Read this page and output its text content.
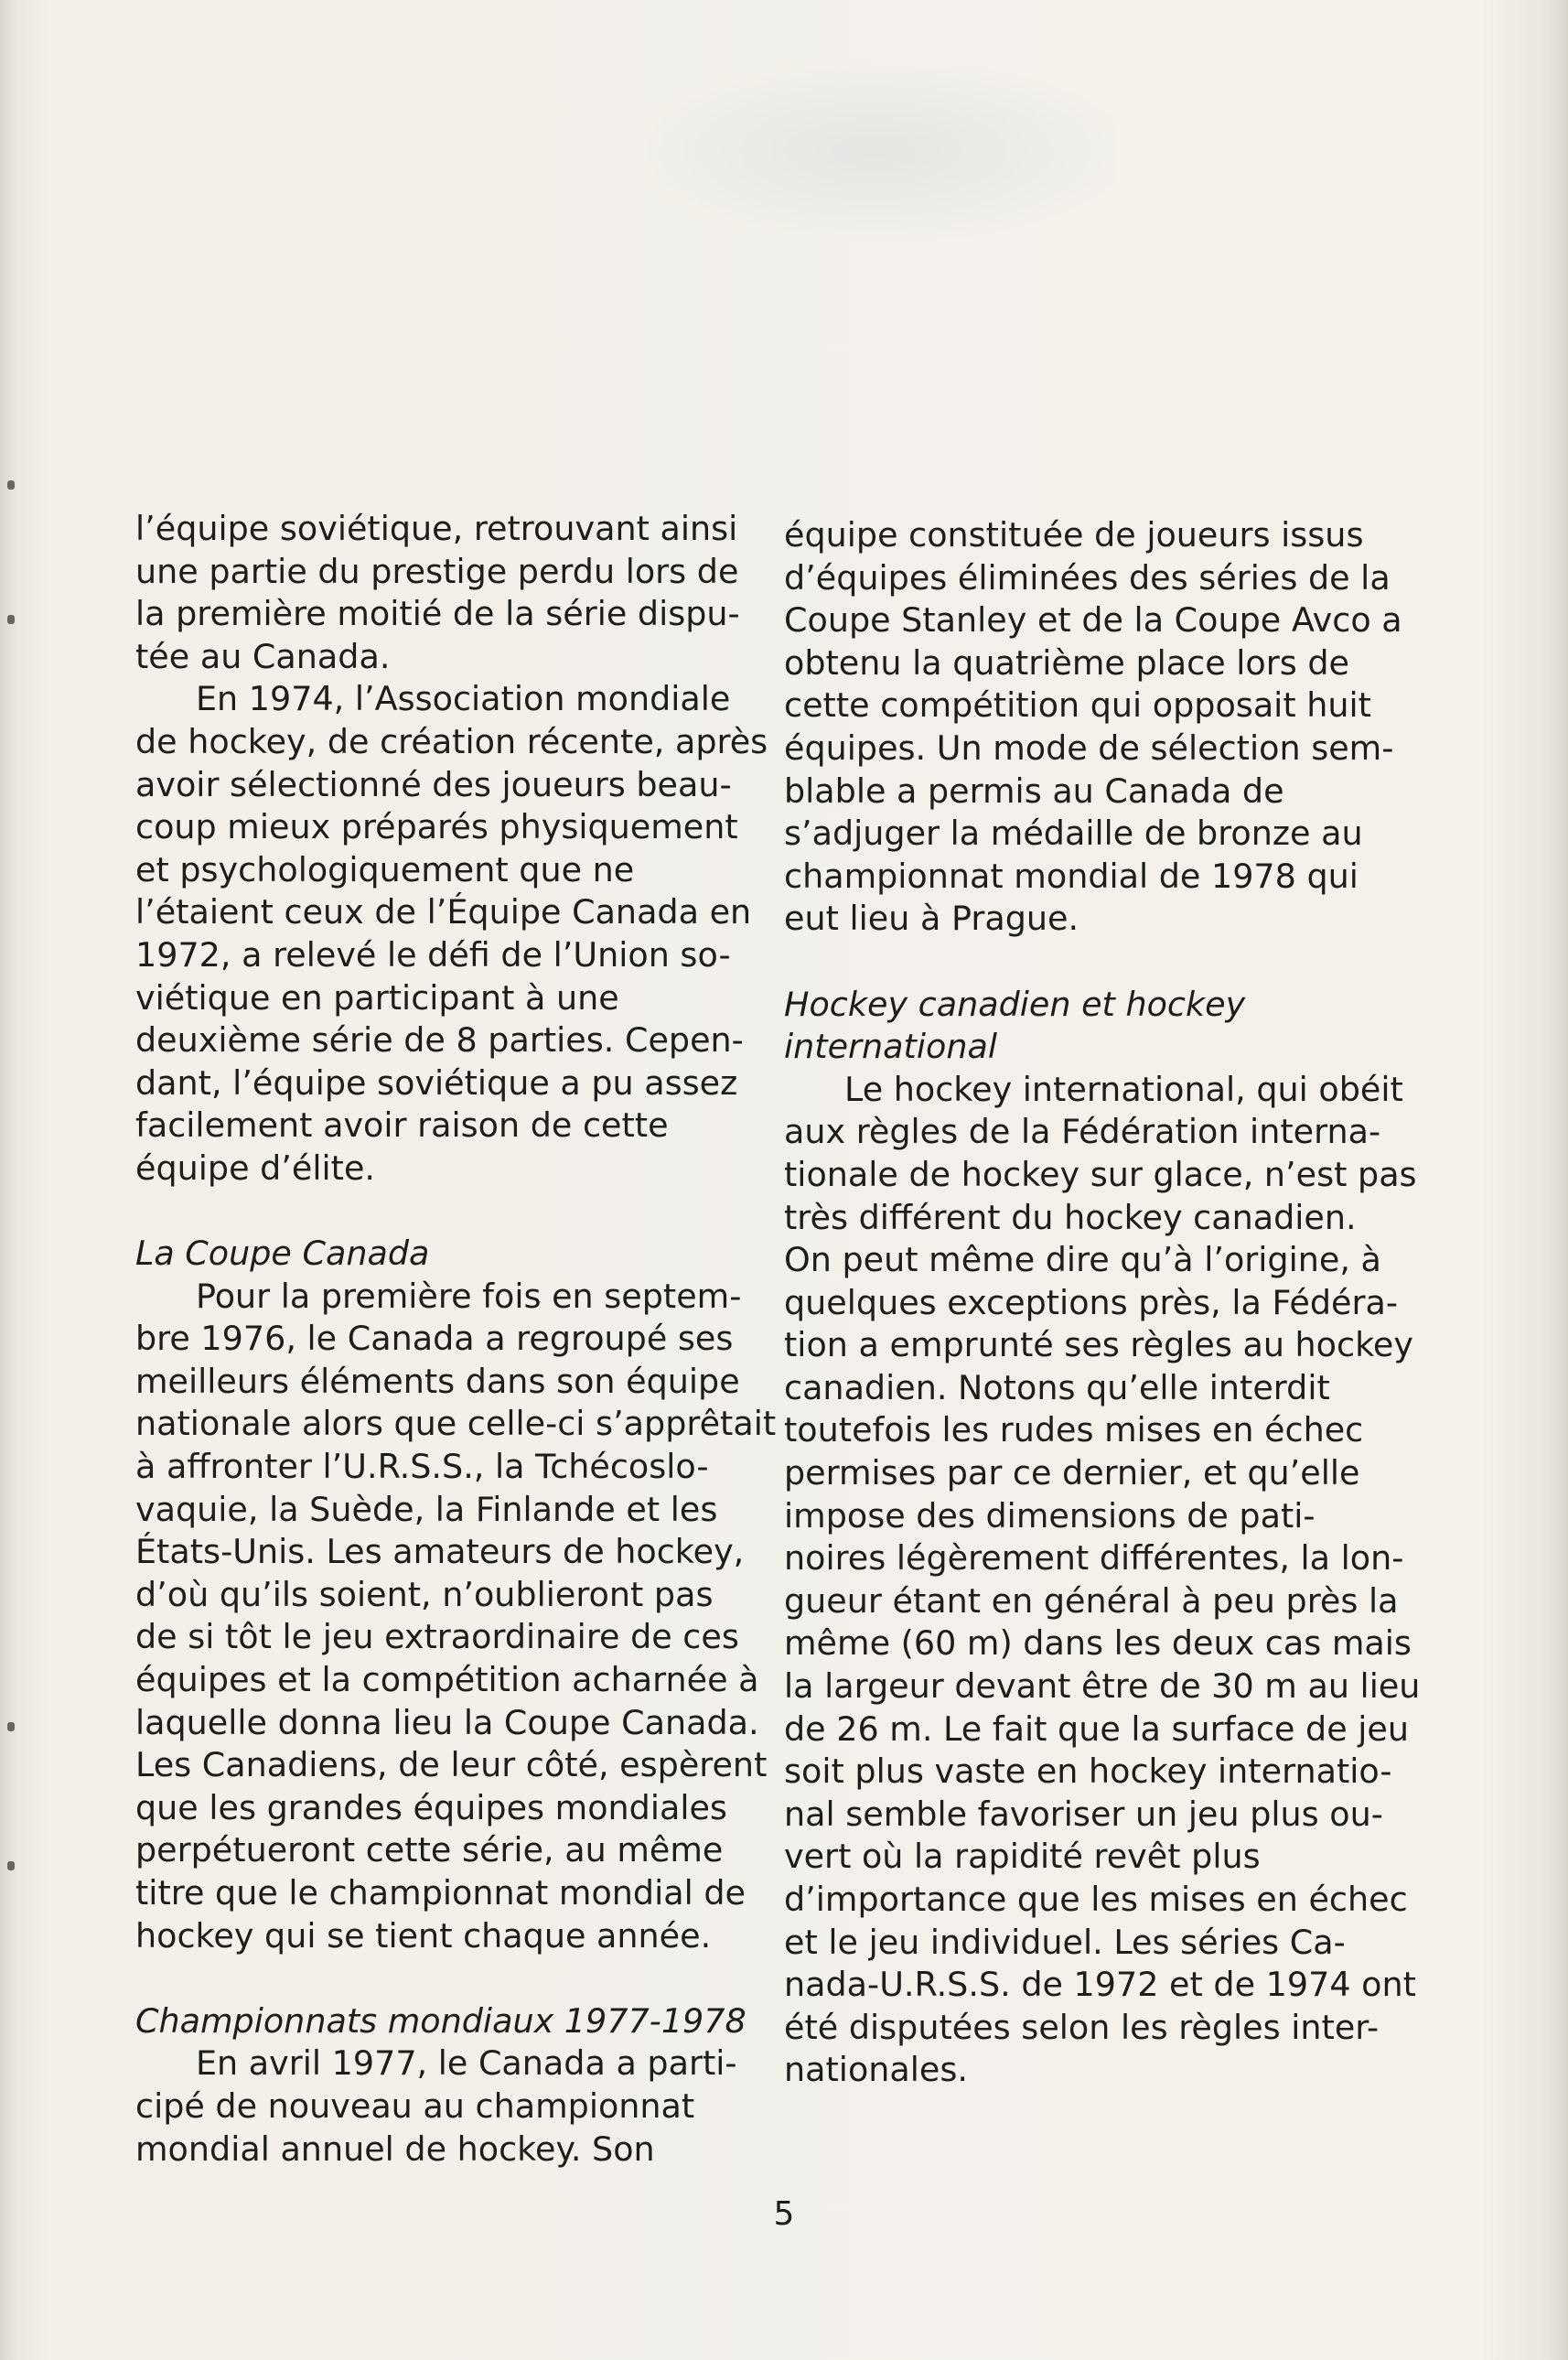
l’équipe soviétique, retrouvant ainsi
une partie du prestige perdu lors de
la première moitié de la série dispu-
tée au Canada.
En 1974, l’Association mondiale
de hockey, de création récente, après
avoir sélectionné des joueurs beau-
coup mieux préparés physiquement
et psychologiquement que ne
l’étaient ceux de l’Équipe Canada en
1972, a relevé le défi de l’Union so-
viétique en participant à une
deuxième série de 8 parties. Cepen-
dant, l’équipe soviétique a pu assez
facilement avoir raison de cette
équipe d’élite.
La Coupe Canada
Pour la première fois en septem-
bre 1976, le Canada a regroupé ses
meilleurs éléments dans son équipe
nationale alors que celle-ci s’apprêtait
à affronter l’U.R.S.S., la Tchécoslo-
vaquie, la Suède, la Finlande et les
États-Unis. Les amateurs de hockey,
d’où qu’ils soient, n’oublieront pas
de si tôt le jeu extraordinaire de ces
équipes et la compétition acharnée à
laquelle donna lieu la Coupe Canada.
Les Canadiens, de leur côté, espèrent
que les grandes équipes mondiales
perpétueront cette série, au même
titre que le championnat mondial de
hockey qui se tient chaque année.
Championnats mondiaux 1977-1978
En avril 1977, le Canada a parti-
cipé de nouveau au championnat
mondial annuel de hockey. Son
équipe constituée de joueurs issus
d’équipes éliminées des séries de la
Coupe Stanley et de la Coupe Avco a
obtenu la quatrième place lors de
cette compétition qui opposait huit
équipes. Un mode de sélection sem-
blable a permis au Canada de
s’adjuger la médaille de bronze au
championnat mondial de 1978 qui
eut lieu à Prague.
Hockey canadien et hockey
international
Le hockey international, qui obéit
aux règles de la Fédération interna-
tionale de hockey sur glace, n’est pas
très différent du hockey canadien.
On peut même dire qu’à l’origine, à
quelques exceptions près, la Fédéra-
tion a emprunté ses règles au hockey
canadien. Notons qu’elle interdit
toutefois les rudes mises en échec
permises par ce dernier, et qu’elle
impose des dimensions de pati-
noires légèrement différentes, la lon-
gueur étant en général à peu près la
même (60 m) dans les deux cas mais
la largeur devant être de 30 m au lieu
de 26 m. Le fait que la surface de jeu
soit plus vaste en hockey internatio-
nal semble favoriser un jeu plus ou-
vert où la rapidité revêt plus
d’importance que les mises en échec
et le jeu individuel. Les séries Ca-
nada-U.R.S.S. de 1972 et de 1974 ont
été disputées selon les règles inter-
nationales.
5
